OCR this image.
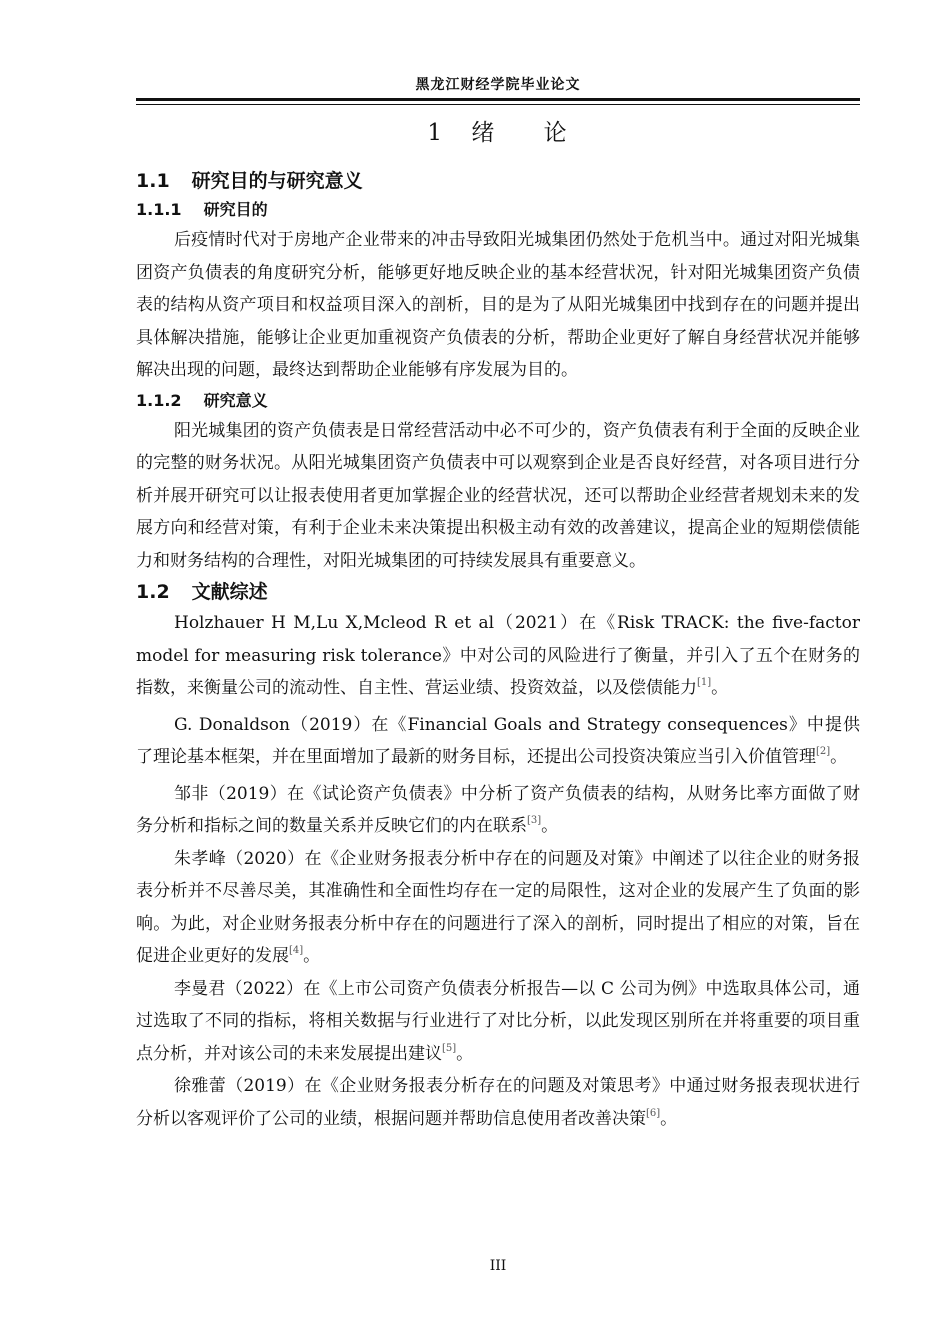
黑龙江财经学院毕业论文
1 绪 论
1.1 研究目的与研究意义
1.1.1 研究目的

后疫情时代对于房地产企业带来的冲击导致阳光城集团仍然处于危机当中。通过对阳光城集团资产负债表的角度研究分析，能够更好地反映企业的基本经营状况，针对阳光城集团资产负债表的结构从资产项目和权益项目深入的剖析，目的是为了从阳光城集团中找到存在的问题并提出具体解决措施，能够让企业更加重视资产负债表的分析，帮助企业更好了解自身经营状况并能够解决出现的问题，最终达到帮助企业能够有序发展为目的。

1.1.2 研究意义

阳光城集团的资产负债表是日常经营活动中必不可少的，资产负债表有利于全面的反映企业的完整的财务状况。从阳光城集团资产负债表中可以观察到企业是否良好经营，对各项目进行分析并展开研究可以让报表使用者更加掌握企业的经营状况，还可以帮助企业经营者规划未来的发展方向和经营对策，有利于企业未来决策提出积极主动有效的改善建议，提高企业的短期偿债能力和财务结构的合理性，对阳光城集团的可持续发展具有重要意义。

1.2 文献综述

Holzhauer H M,Lu X,Mcleod R et al（2021）在《Risk TRACK: the five-factor model for measuring risk tolerance》中对公司的风险进行了衡量，并引入了五个在财务的指数，来衡量公司的流动性、自主性、营运业绩、投资效益，以及偿债能力[1]。

G. Donaldson（2019）在《Financial Goals and Strategy consequences》中提供了理论基本框架，并在里面增加了最新的财务目标，还提出公司投资决策应当引入价值管理[2]。

邹非（2019）在《试论资产负债表》中分析了资产负债表的结构，从财务比率方面做了财务分析和指标之间的数量关系并反映它们的内在联系[3]。

朱孝峰（2020）在《企业财务报表分析中存在的问题及对策》中阐述了以往企业的财务报表分析并不尽善尽美，其准确性和全面性均存在一定的局限性，这对企业的发展产生了负面的影响。为此，对企业财务报表分析中存在的问题进行了深入的剖析，同时提出了相应的对策，旨在促进企业更好的发展[4]。

李曼君（2022）在《上市公司资产负债表分析报告—以 C 公司为例》中选取具体公司，通过选取了不同的指标，将相关数据与行业进行了对比分析，以此发现区别所在并将重要的项目重点分析，并对该公司的未来发展提出建议[5]。

徐雅蕾（2019）在《企业财务报表分析存在的问题及对策思考》中通过财务报表现状进行分析以客观评价了公司的业绩，根据问题并帮助信息使用者改善决策[6]。

III
